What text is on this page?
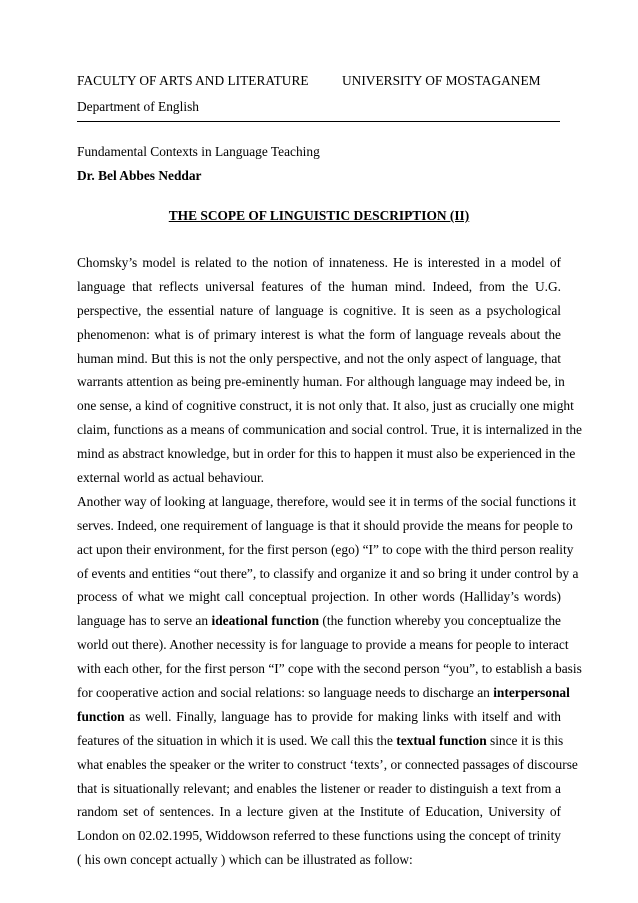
FACULTY OF ARTS AND LITERATURE UNIVERSITY OF MOSTAGANEM
Department of English
Fundamental Contexts in Language Teaching
Dr. Bel Abbes Neddar
THE SCOPE OF LINGUISTIC DESCRIPTION (II)
Chomsky’s model is related to the notion of innateness. He is interested in a model of
language that reflects universal features of the human mind. Indeed, from the U.G.
perspective, the essential nature of language is cognitive. It is seen as a psychological
phenomenon: what is of primary interest is what the form of language reveals about the
human mind. But this is not the only perspective, and not the only aspect of language, that
warrants attention as being pre-eminently human. For although language may indeed be, in
one sense, a kind of cognitive construct, it is not only that. It also, just as crucially one might
claim, functions as a means of communication and social control. True, it is internalized in the
mind as abstract knowledge, but in order for this to happen it must also be experienced in the
external world as actual behaviour.
Another way of looking at language, therefore, would see it in terms of the social functions it
serves. Indeed, one requirement of language is that it should provide the means for people to
act upon their environment, for the first person (ego) “I” to cope with the third person reality
of events and entities “out there”, to classify and organize it and so bring it under control by a
process of what we might call conceptual projection. In other words (Halliday’s words)
language has to serve an ideational function (the function whereby you conceptualize the
world out there). Another necessity is for language to provide a means for people to interact
with each other, for the first person “I” cope with the second person “you”, to establish a basis
for cooperative action and social relations: so language needs to discharge an interpersonal
function as well. Finally, language has to provide for making links with itself and with
features of the situation in which it is used. We call this the textual function since it is this
what enables the speaker or the writer to construct ‘texts’, or connected passages of discourse
that is situationally relevant; and enables the listener or reader to distinguish a text from a
random set of sentences. In a lecture given at the Institute of Education, University of
London on 02.02.1995, Widdowson referred to these functions using the concept of trinity
( his own concept actually ) which can be illustrated as follow:
